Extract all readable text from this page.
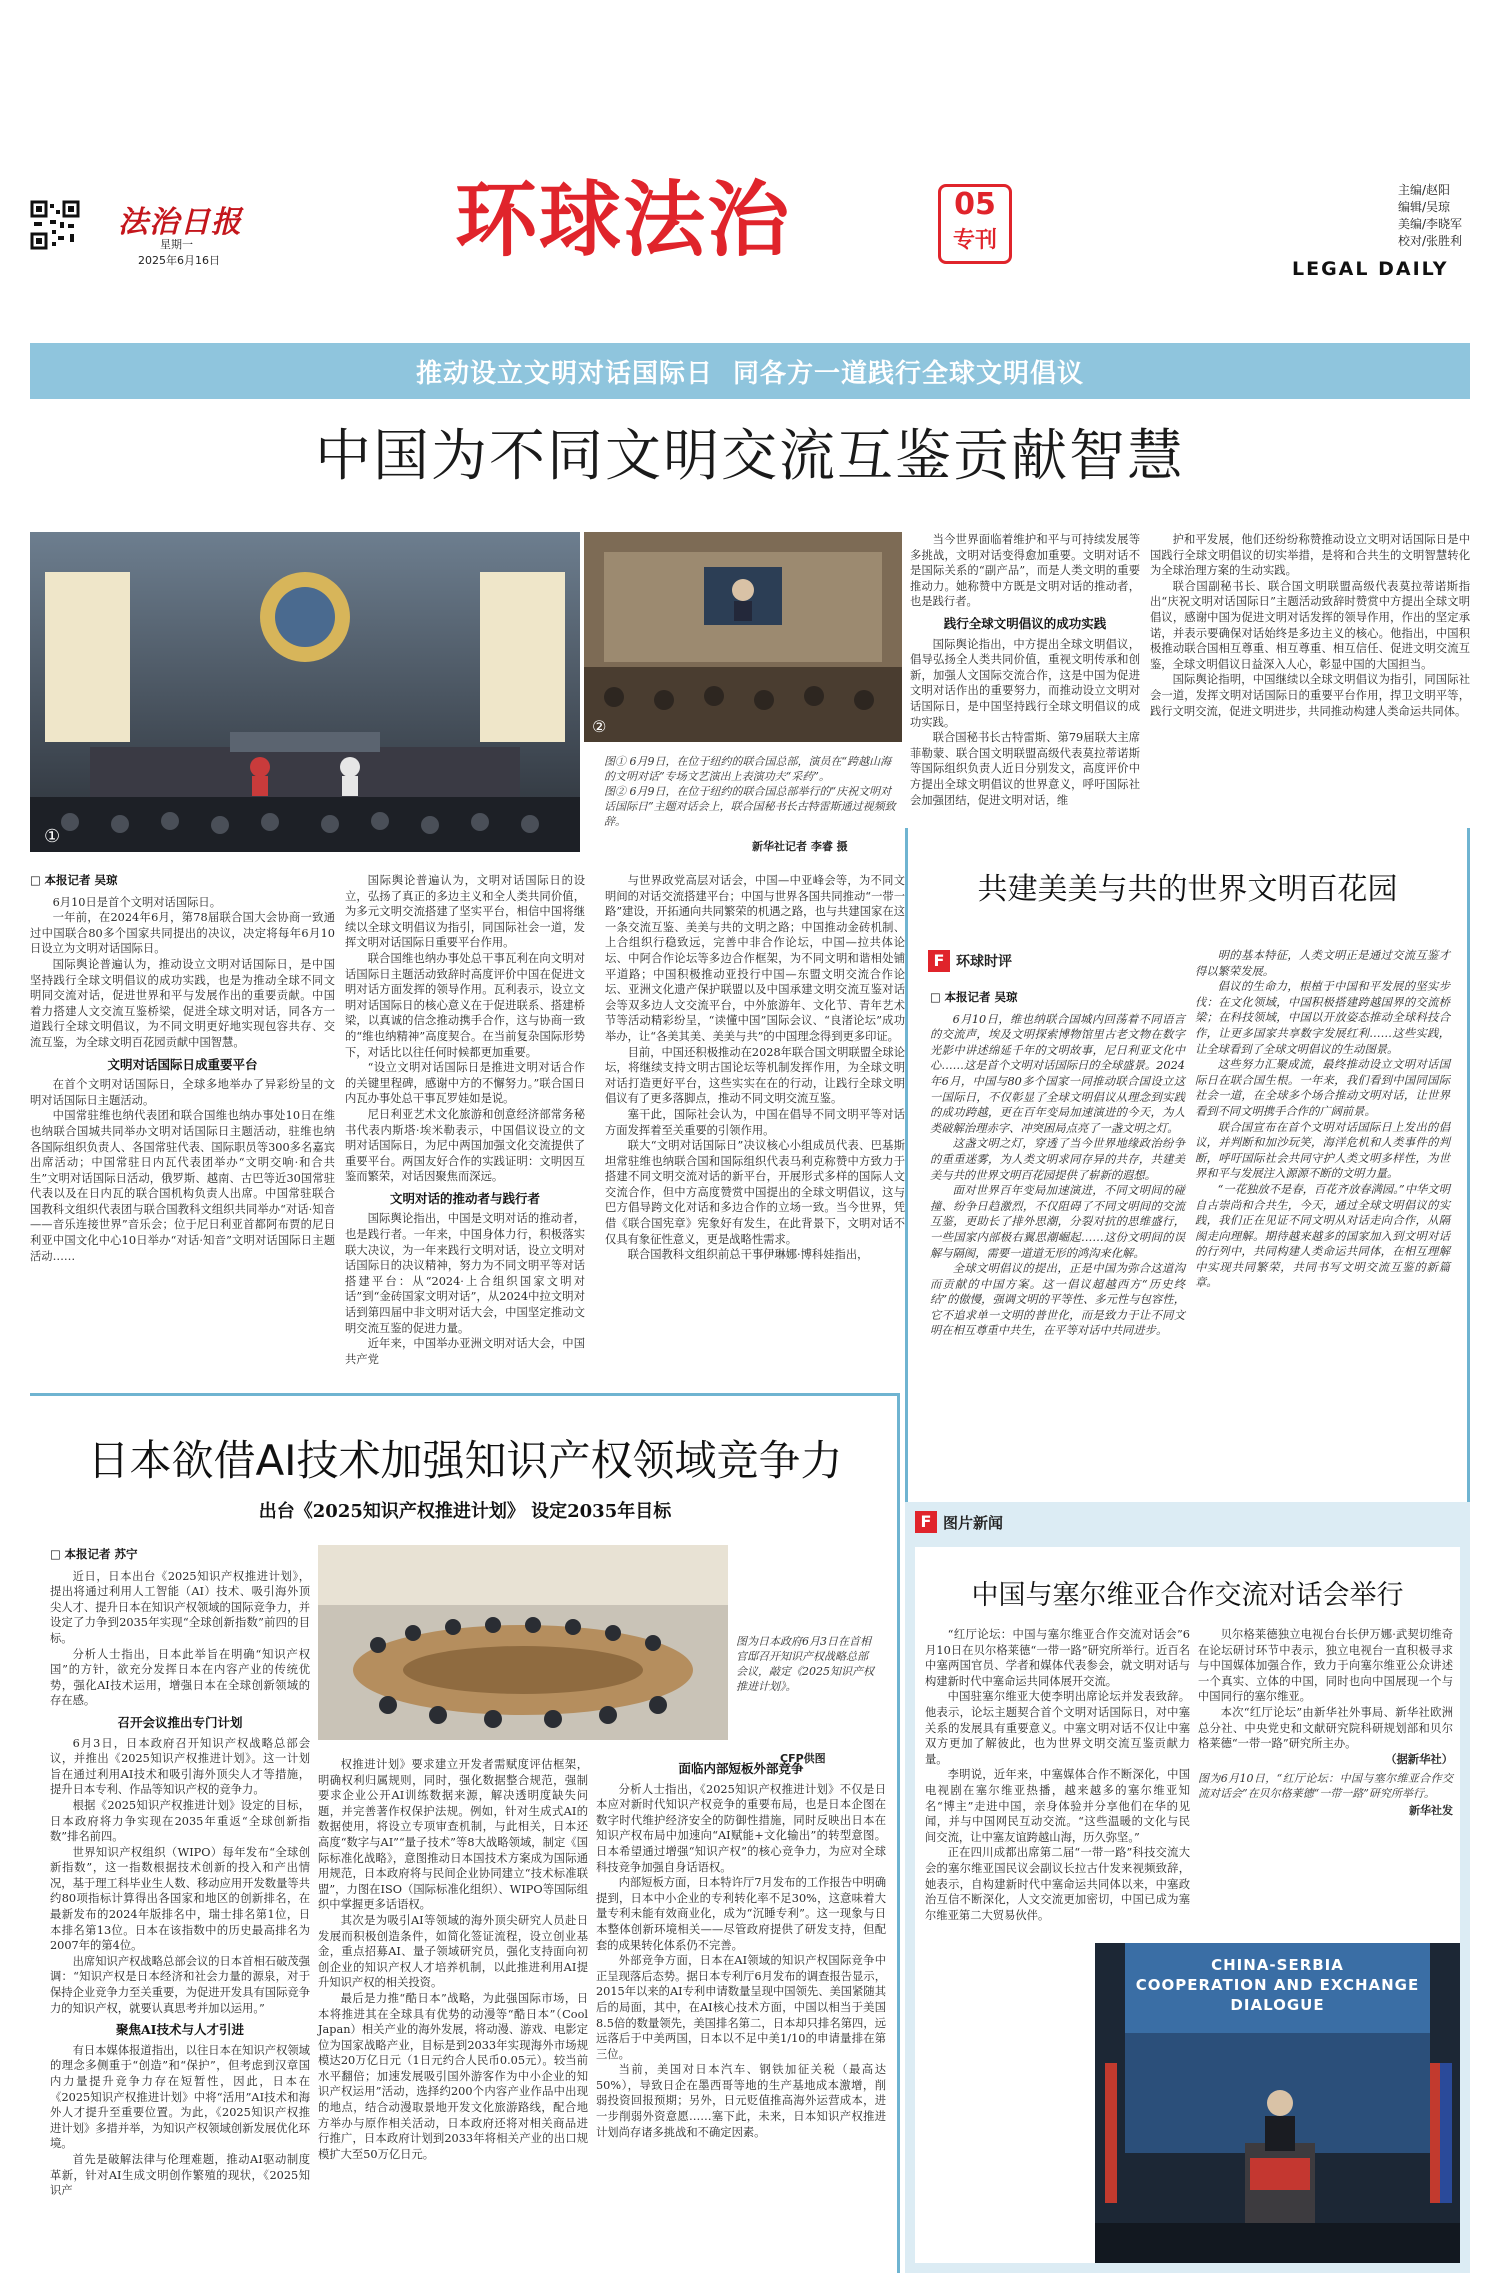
法治日报
星期一
2025年6月16日	环球法治	05
专刊
主编/赵阳
编辑/吴琼
美编/李晓军
校对/张胜利
LEGAL DAILY
推动设立文明对话国际日  同各方一道践行全球文明倡议
中国为不同文明交流互鉴贡献智慧
①
②
图① 6月9日，在位于纽约的联合国总部，演员在“跨越山海的文明对话”专场文艺演出上表演功夫“采药”。
图② 6月9日，在位于纽约的联合国总部举行的“庆祝文明对话国际日”主题对话会上，联合国秘书长古特雷斯通过视频致辞。
新华社记者 李睿 摄
□ 本报记者 吴琼

6月10日是首个文明对话国际日。

一年前，在2024年6月，第78届联合国大会协商一致通过中国联合80多个国家共同提出的决议，决定将每年6月10日设立为文明对话国际日。

国际舆论普遍认为，推动设立文明对话国际日，是中国坚持践行全球文明倡议的成功实践，也是为推动全球不同文明同交流对话，促进世界和平与发展作出的重要贡献。中国着力搭建人文交流互鉴桥梁，促进全球文明对话，同各方一道践行全球文明倡议，为不同文明更好地实现包容共存、交流互鉴，为全球文明百花园贡献中国智慧。

文明对话国际日成重要平台

在首个文明对话国际日，全球多地举办了异彩纷呈的文明对话国际日主题活动。

中国常驻维也纳代表团和联合国维也纳办事处10日在维也纳联合国城共同举办文明对话国际日主题活动，驻维也纳各国际组织负责人、各国常驻代表、国际职员等300多名嘉宾出席活动；中国常驻日内瓦代表团举办“文明交响·和合共生”文明对话国际日活动，俄罗斯、越南、古巴等近30国常驻代表以及在日内瓦的联合国机构负责人出席。中国常驻联合国教科文组织代表团与联合国教科文组织共同举办“对话·知音——音乐连接世界”音乐会；位于尼日利亚首都阿布贾的尼日利亚中国文化中心10日举办“对话·知音”文明对话国际日主题活动……

国际舆论普遍认为，文明对话国际日的设立，弘扬了真正的多边主义和全人类共同价值，为多元文明交流搭建了坚实平台，相信中国将继续以全球文明倡议为指引，同国际社会一道，发挥文明对话国际日重要平台作用。

联合国维也纳办事处总干事瓦利在向文明对话国际日主题活动致辞时高度评价中国在促进文明对话方面发挥的领导作用。瓦利表示，设立文明对话国际日的核心意义在于促进联系、搭建桥梁，以真诚的信念推动携手合作，这与协商一致的“维也纳精神”高度契合。在当前复杂国际形势下，对话比以往任何时候都更加重要。

“设立文明对话国际日是推进文明对话合作的关键里程碑，感谢中方的不懈努力。”联合国日内瓦办事处总干事瓦罗娃如是说。

尼日利亚艺术文化旅游和创意经济部常务秘书代表内斯塔·埃米勒表示，中国倡议设立的文明对话国际日，为尼中两国加强文化交流提供了重要平台。两国友好合作的实践证明：文明因互鉴而繁荣，对话因聚焦而深远。

文明对话的推动者与践行者

国际舆论指出，中国是文明对话的推动者，也是践行者。一年来，中国身体力行，积极落实联大决议，为一年来践行文明对话，设立文明对话国际日的决议精神，努力为不同文明平等对话搭建平台：从“2024·上合组织国家文明对话”到“金砖国家文明对话”，从2024中拉文明对话到第四届中非文明对话大会，中国坚定推动文明交流互鉴的促进力量。

近年来，中国举办亚洲文明对话大会，中国共产党

与世界政党高层对话会，中国—中亚峰会等，为不同文明间的对话交流搭建平台；中国与世界各国共同推动“一带一路”建设，开拓通向共同繁荣的机遇之路，也与共建国家在这一条交流互鉴、美美与共的文明之路；中国推动金砖机制、上合组织行稳致远，完善中非合作论坛，中国—拉共体论坛、中阿合作论坛等多边合作框架，为不同文明和谐相处铺平道路；中国积极推动亚投行中国—东盟文明交流合作论坛、亚洲文化遗产保护联盟以及中国承建文明交流互鉴对话会等双多边人文交流平台，中外旅游年、文化节、青年艺术节等活动精彩纷呈，“读懂中国”国际会议、“良渚论坛”成功举办，让“各美其美、美美与共”的中国理念得到更多印证。

目前，中国还积极推动在2028年联合国文明联盟全球论坛，将继续支持文明古国论坛等机制发挥作用，为全球文明对话打造更好平台，这些实实在在的行动，让践行全球文明倡议有了更多落脚点，推动不同文明交流互鉴。

塞干此，国际社会认为，中国在倡导不同文明平等对话方面发挥着至关重要的引领作用。

联大“文明对话国际日”决议核心小组成员代表、巴基斯坦常驻维也纳联合国和国际组织代表马利克称赞中方致力于搭建不同文明交流对话的新平台，开展形式多样的国际人文交流合作，但中方高度赞赏中国提出的全球文明倡议，这与巴方倡导跨文化对话和多边合作的立场一致。当今世界，凭借《联合国宪章》宪象好有发生，在此背景下，文明对话不仅具有象征性意义，更是战略性需求。

联合国教科文组织前总干事伊琳娜·博科娃指出，

当今世界面临着维护和平与可持续发展等多挑战，文明对话变得愈加重要。文明对话不是国际关系的“副产品”，而是人类文明的重要推动力。她称赞中方既是文明对话的推动者，也是践行者。

践行全球文明倡议的成功实践

国际舆论指出，中方提出全球文明倡议，倡导弘扬全人类共同价值，重视文明传承和创新，加强人文国际交流合作，这是中国为促进文明对话作出的重要努力，而推动设立文明对话国际日，是中国坚持践行全球文明倡议的成功实践。

联合国秘书长古特雷斯、第79届联大主席菲勒蒙、联合国文明联盟高级代表莫拉蒂诺斯等国际组织负责人近日分别发文，高度评价中方提出全球文明倡议的世界意义，呼吁国际社会加强团结，促进文明对话，维

护和平发展，他们还纷纷称赞推动设立文明对话国际日是中国践行全球文明倡议的切实举措，是将和合共生的文明智慧转化为全球治理方案的生动实践。

联合国副秘书长、联合国文明联盟高级代表莫拉蒂诺斯指出“庆祝文明对话国际日”主题活动致辞时赞赏中方提出全球文明倡议，感谢中国为促进文明对话发挥的领导作用，作出的坚定承诺，并表示要确保对话始终是多边主义的核心。他指出，中国积极推动联合国相互尊重、相互尊重、相互信任、促进文明交流互鉴，全球文明倡议日益深入人心，彰显中国的大国担当。

国际舆论指明，中国继续以全球文明倡议为指引，同国际社会一道，发挥文明对话国际日的重要平台作用，捍卫文明平等，践行文明交流，促进文明进步，共同推动构建人类命运共同体。

共建美美与共的世界文明百花园
F 环球时评
□ 本报记者 吴琼

6月10日，维也纳联合国城内回荡着不同语言的交流声，埃及文明探索博物馆里古老文物在数字光影中讲述绵延千年的文明故事，尼日利亚文化中心……这是首个文明对话国际日的全球盛景。2024年6月，中国与80多个国家一同推动联合国设立这一国际日，不仅彰显了全球文明倡议从理念到实践的成功跨越，更在百年变局加速演进的今天，为人类破解治理赤字、冲突困局点亮了一盏文明之灯。

这盏文明之灯，穿透了当今世界地缘政治纷争的重重迷雾，为人类文明求同存异的共存，共建美美与共的世界文明百花园提供了崭新的遐想。

面对世界百年变局加速演进，不同文明间的碰撞、纷争日趋激烈，不仅阻碍了不同文明间的交流互鉴，更助长了排外思潮，分裂对抗的思维盛行，一些国家内部极右翼思潮崛起……这份文明间的误解与隔阂，需要一道道无形的鸿沟来化解。

全球文明倡议的提出，正是中国为弥合这道沟而贡献的中国方案。这一倡议超越西方“历史终结”的傲慢，强调文明的平等性、多元性与包容性，它不追求单一文明的普世化，而是致力于让不同文明在相互尊重中共生，在平等对话中共同进步。

明的基本特征，人类文明正是通过交流互鉴才得以繁荣发展。

倡议的生命力，根植于中国和平发展的坚实步伐：在文化领域，中国积极搭建跨越国界的交流桥梁；在科技领域，中国以开放姿态推动全球科技合作，让更多国家共享数字发展红利……这些实践，让全球看到了全球文明倡议的生动图景。

这些努力汇聚成流，最终推动设立文明对话国际日在联合国生根。一年来，我们看到中国同国际社会一道，在全球多个场合推动文明对话，让世界看到不同文明携手合作的广阔前景。

联合国宣布在首个文明对话国际日上发出的倡议，并判断和加沙玩笑，海洋危机和人类事件的判断，呼吁国际社会共同守护人类文明多样性，为世界和平与发展注入源源不断的文明力量。

“一花独放不是春，百花齐放春满园。”中华文明自古崇尚和合共生，今天，通过全球文明倡议的实践，我们正在见证不同文明从对话走向合作，从隔阂走向理解。期待越来越多的国家加入到文明对话的行列中，共同构建人类命运共同体，在相互理解中实现共同繁荣，共同书写文明交流互鉴的新篇章。

日本欲借AI技术加强知识产权领域竞争力
出台《2025知识产权推进计划》 设定2035年目标
图为日本政府6月3日在首相官邸召开知识产权战略总部会议，敲定《2025知识产权推进计划》。
CFP供图
□ 本报记者 苏宁

近日，日本出台《2025知识产权推进计划》，提出将通过利用人工智能（AI）技术、吸引海外顶尖人才、提升日本在知识产权领域的国际竞争力，并设定了力争到2035年实现“全球创新指数”前四的目标。

分析人士指出，日本此举旨在明确“知识产权国”的方针，欲充分发挥日本在内容产业的传统优势，强化AI技术运用，增强日本在全球创新领域的存在感。

召开会议推出专门计划

6月3日，日本政府召开知识产权战略总部会议，并推出《2025知识产权推进计划》。这一计划旨在通过利用AI技术和吸引海外顶尖人才等措施，提升日本专利、作品等知识产权的竞争力。

根据《2025知识产权推进计划》设定的目标，日本政府将力争实现在2035年重返“全球创新指数”排名前四。

世界知识产权组织（WIPO）每年发布“全球创新指数”，这一指数根据技术创新的投入和产出情况，基于理工科毕业生人数、移动应用开发数量等共约80项指标计算得出各国家和地区的创新排名，在最新发布的2024年版排名中，瑞士排名第1位，日本排名第13位。日本在该指数中的历史最高排名为2007年的第4位。

出席知识产权战略总部会议的日本首相石破茂强调：“知识产权是日本经济和社会力量的源泉，对于保持企业竞争力至关重要，为促进开发具有国际竞争力的知识产权，就要认真思考并加以运用。”

聚焦AI技术与人才引进

有日本媒体报道指出，以往日本在知识产权领域的理念多侧重于“创造”和“保护”，但考虑到汉章国内力量提升竞争力存在短暂性，因此，日本在《2025知识产权推进计划》中将“活用”AI技术和海外人才提升至重要位置。为此，《2025知识产权推进计划》多措并举，为知识产权领域创新发展优化环境。

首先是破解法律与伦理难题，推动AI驱动制度革新，针对AI生成文明创作繁殖的现状，《2025知识产

权推进计划》要求建立开发者需赋度评估框架，明确权利归属规则，同时，强化数据整合规范，强制要求企业公开AI训练数据来源，解决透明度缺失问题，并完善著作权保护法规。例如，针对生成式AI的数据使用，将设立专项审查机制，与此相关，日本还高度“数字与AI”“量子技术”等8大战略领域，制定《国际标准化战略》，意图推动日本国技术方案成为国际通用规范，日本政府将与民间企业协同建立“技术标准联盟”，力图在ISO（国际标准化组织）、WIPO等国际组织中掌握更多话语权。

其次是为吸引AI等领域的海外顶尖研究人员赴日发展而积极创造条件，如简化签证流程，设立创业基金，重点招募AI、量子领域研究员，强化支持面向初创企业的知识产权人才培养机制，以此推进利用AI提升知识产权的相关投资。

最后是力推“酷日本”战略，为此强国际市场，日本将推进其在全球具有优势的动漫等“酷日本”（Cool Japan）相关产业的海外发展，将动漫、游戏、电影定位为国家战略产业，目标是到2033年实现海外市场规模达20万亿日元（1日元约合人民币0.05元）。较当前水平翻倍；加速发展吸引国外游客作为中小企业的知识产权运用”活动，选择约200个内容产业作品中出现的地点，结合动漫取景地开发文化旅游路线，配合地方举办与原作相关活动，日本政府还将对相关商品进行推广，日本政府计划到2033年将相关产业的出口规模扩大至50万亿日元。

面临内部短板外部竞争

分析人士指出，《2025知识产权推进计划》不仅是日本应对新时代知识产权竞争的重要布局，也是日本企图在数字时代维护经济安全的防御性措施，同时反映出日本在知识产权布局中加速向“AI赋能+文化输出”的转型意图。日本希望通过增强“知识产权”的核心竞争力，为应对全球科技竞争加强自身话语权。

内部短板方面，日本特许厅7月发布的工作报告中明确提到，日本中小企业的专利转化率不足30%，这意味着大量专利未能有效商业化，成为“沉睡专利”。这一现象与日本整体创新环境相关——尽管政府提供了研发支持，但配套的成果转化体系仍不完善。

外部竞争方面，日本在AI领域的知识产权国际竞争中正呈现落后态势。据日本专利厅6月发布的调查报告显示，2015年以来的AI专利申请数量呈现中国领先、美国紧随其后的局面，其中，在AI核心技术方面，中国以相当于美国8.5倍的数量领先，美国排名第二，日本却只排名第四，远远落后于中美两国，日本以不足中美1/10的申请量排在第三位。

当前，美国对日本汽车、钢铁加征关税（最高达50%），导致日企在墨西哥等地的生产基地成本激增，削弱投资回报预期；另外，日元贬值推高海外运营成本，进一步削弱外资意愿……塞下此，未来，日本知识产权推进计划尚存诸多挑战和不确定因素。

F 图片新闻
中国与塞尔维亚合作交流对话会举行

“红厅论坛：中国与塞尔维亚合作交流对话会”6月10日在贝尔格莱德“一带一路”研究所举行。近百名中塞两国官员、学者和媒体代表参会，就文明对话与构建新时代中塞命运共同体展开交流。

中国驻塞尔维亚大使李明出席论坛并发表致辞。他表示，论坛主题契合首个文明对话国际日，对中塞关系的发展具有重要意义。中塞文明对话不仅让中塞双方更加了解彼此，也为世界文明交流互鉴贡献力量。

李明说，近年来，中塞媒体合作不断深化，中国电视剧在塞尔维亚热播，越来越多的塞尔维亚知名“博主”走进中国，亲身体验并分享他们在华的见闻，并与中国网民互动交流。“这些温暖的文化与民间交流，让中塞友谊跨越山海，历久弥坚。”

正在四川成都出席第二届“一带一路”科技交流大会的塞尔维亚国民议会副议长拉古什发来视频致辞，她表示，自构建新时代中塞命运共同体以来，中塞政治互信不断深化，人文交流更加密切，中国已成为塞尔维亚第二大贸易伙伴。

贝尔格莱德独立电视台台长伊万娜·武契切维奇在论坛研讨环节中表示，独立电视台一直积极寻求与中国媒体加强合作，致力于向塞尔维亚公众讲述一个真实、立体的中国，同时也向中国展现一个与中国同行的塞尔维亚。

本次“红厅论坛”由新华社外事局、新华社欧洲总分社、中央党史和文献研究院科研规划部和贝尔格莱德“一带一路”研究所主办。

（据新华社）
图为6月10日，“红厅论坛：中国与塞尔维亚合作交流对话会”在贝尔格莱德“一带一路”研究所举行。
新华社发
CHINA-SERBIA
COOPERATION AND EXCHANGE
DIALOGUE
